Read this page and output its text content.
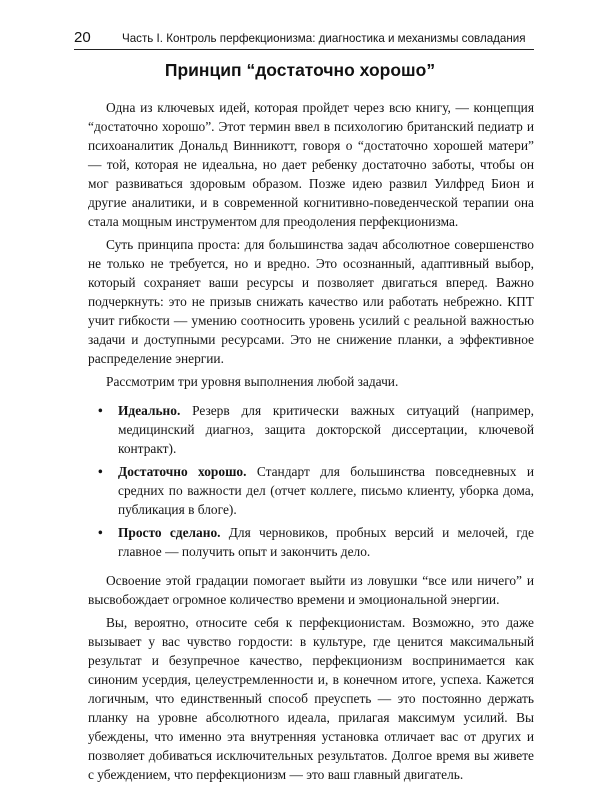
20	Часть I. Контроль перфекционизма: диагностика и механизмы совладания
Принцип “достаточно хорошо”

Одна из ключевых идей, которая пройдет через всю книгу, — концепция “достаточно хорошо”. Этот термин ввел в психологию британский педиатр и психоаналитик Дональд Винникотт, говоря о “достаточно хорошей матери” — той, которая не идеальна, но дает ребенку достаточно заботы, чтобы он мог развиваться здоровым образом. Позже идею развил Уилфред Бион и другие аналитики, и в современной когнитивно-поведенческой терапии она стала мощным инструментом для преодоления перфекционизма.

Суть принципа проста: для большинства задач абсолютное совершенство не только не требуется, но и вредно. Это осознанный, адаптивный выбор, который сохраняет ваши ресурсы и позволяет двигаться вперед. Важно подчеркнуть: это не призыв снижать качество или работать небрежно. КПТ учит гибкости — умению соотносить уровень усилий с реальной важностью задачи и доступными ресурсами. Это не снижение планки, а эффективное распределение энергии.

Рассмотрим три уровня выполнения любой задачи.

• Идеально. Резерв для критически важных ситуаций (например, медицинский диагноз, защита докторской диссертации, ключевой контракт).
• Достаточно хорошо. Стандарт для большинства повседневных и средних по важности дел (отчет коллеге, письмо клиенту, уборка дома, публикация в блоге).
• Просто сделано. Для черновиков, пробных версий и мелочей, где главное — получить опыт и закончить дело.

Освоение этой градации помогает выйти из ловушки “все или ничего” и высвобождает огромное количество времени и эмоциональной энергии.

Вы, вероятно, относите себя к перфекционистам. Возможно, это даже вызывает у вас чувство гордости: в культуре, где ценится максимальный результат и безупречное качество, перфекционизм воспринимается как синоним усердия, целеустремленности и, в конечном итоге, успеха. Кажется логичным, что единственный способ преуспеть — это постоянно держать планку на уровне абсолютного идеала, прилагая максимум усилий. Вы убеждены, что именно эта внутренняя установка отличает вас от других и позволяет добиваться исключительных результатов. Долгое время вы живете с убеждением, что перфекционизм — это ваш главный двигатель.
